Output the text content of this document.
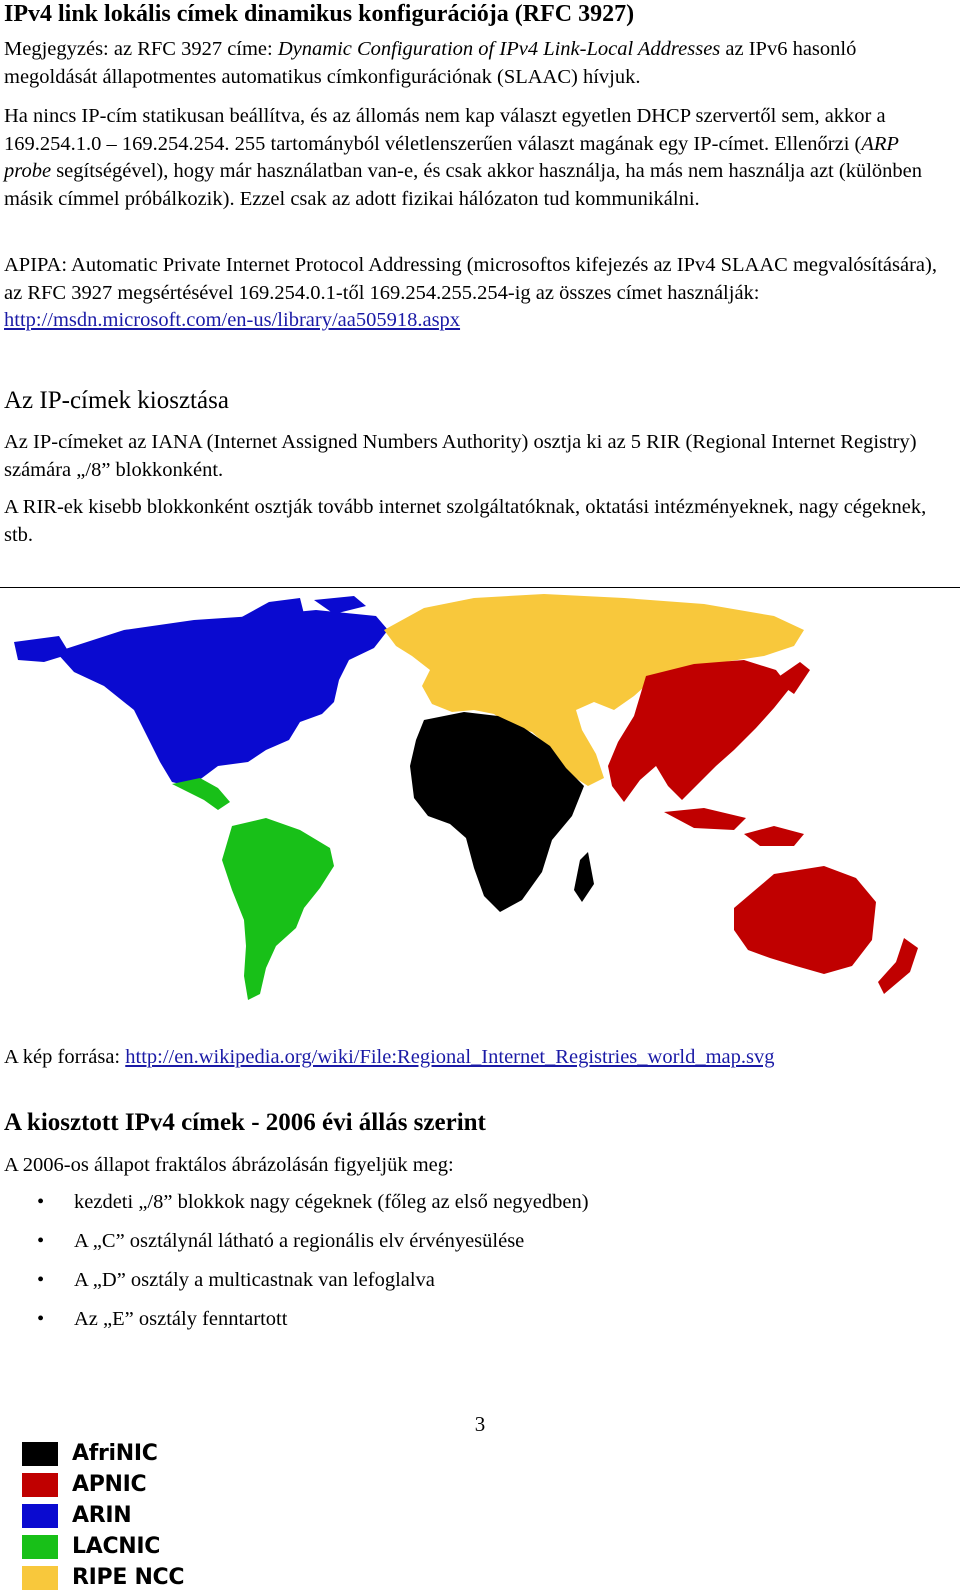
IPv4 link lokális címek dinamikus konfigurációja (RFC 3927)

Megjegyzés: az RFC 3927 címe: Dynamic Configuration of IPv4 Link-Local Addresses az IPv6 hasonló megoldását állapotmentes automatikus címkonfigurációnak (SLAAC) hívjuk.

Ha nincs IP-cím statikusan beállítva, és az állomás nem kap választ egyetlen DHCP szervertől sem, akkor a 169.254.1.0 – 169.254.254. 255 tartományból véletlenszerűen választ magának egy IP-címet. Ellenőrzi (ARP probe segítségével), hogy már használatban van-e, és csak akkor használja, ha más nem használja azt (különben másik címmel próbálkozik). Ezzel csak az adott fizikai hálózaton tud kommunikálni.

APIPA: Automatic Private Internet Protocol Addressing (microsoftos kifejezés az IPv4 SLAAC megvalósítására), az RFC 3927 megsértésével 169.254.0.1-től 169.254.255.254-ig az összes címet használják: http://msdn.microsoft.com/en-us/library/aa505918.aspx

Az IP-címek kiosztása

Az IP-címeket az IANA (Internet Assigned Numbers Authority) osztja ki az 5 RIR (Regional Internet Registry) számára „/8” blokkonként.

A RIR-ek kisebb blokkonként osztják tovább internet szolgáltatóknak, oktatási intézményeknek, nagy cégeknek, stb.

AfriNIC
APNIC
ARIN
LACNIC
RIPE NCC

A kép forrása: http://en.wikipedia.org/wiki/File:Regional_Internet_Registries_world_map.svg

A kiosztott IPv4 címek - 2006 évi állás szerint

A 2006-os állapot fraktálos ábrázolásán figyeljük meg:

• kezdeti „/8” blokkok nagy cégeknek (főleg az első negyedben)
• A „C” osztálynál látható a regionális elv érvényesülése
• A „D” osztály a multicastnak van lefoglalva
• Az „E” osztály fenntartott
3
